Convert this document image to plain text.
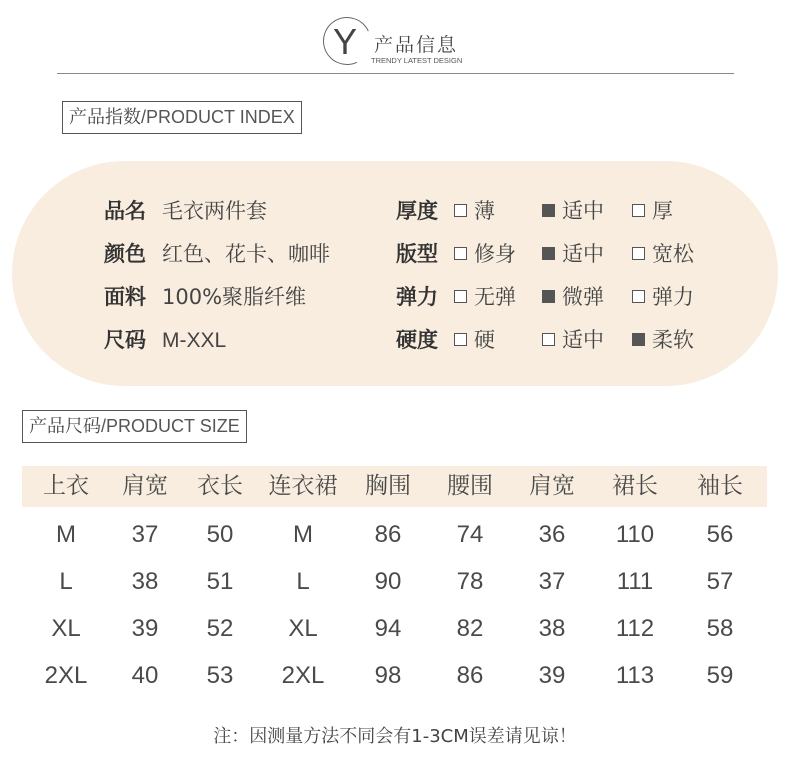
Y 产品信息
TRENDY LATEST DESIGN
产品指数/PRODUCT INDEX
品名 毛衣两件套
颜色 红色、花卡、咖啡
面料 100%聚脂纤维
尺码 M-XXL
厚度	薄	适中	厚
版型	修身	适中	宽松
弹力	无弹	微弹	弹力
硬度	硬	适中	柔软
产品尺码/PRODUCT SIZE
上衣 肩宽 衣长 连衣裙 胸围 腰围 肩宽 裙长 袖长
M 37 50 M	86 74 36 110 56
L 38 51	L	90 78 37 111 57
XL 39 52 XL 94 82 38 112 58
2XL 40 53 2XL 98 86 39 113 59
注：因测量方法不同会有1-3CM误差请见谅！
